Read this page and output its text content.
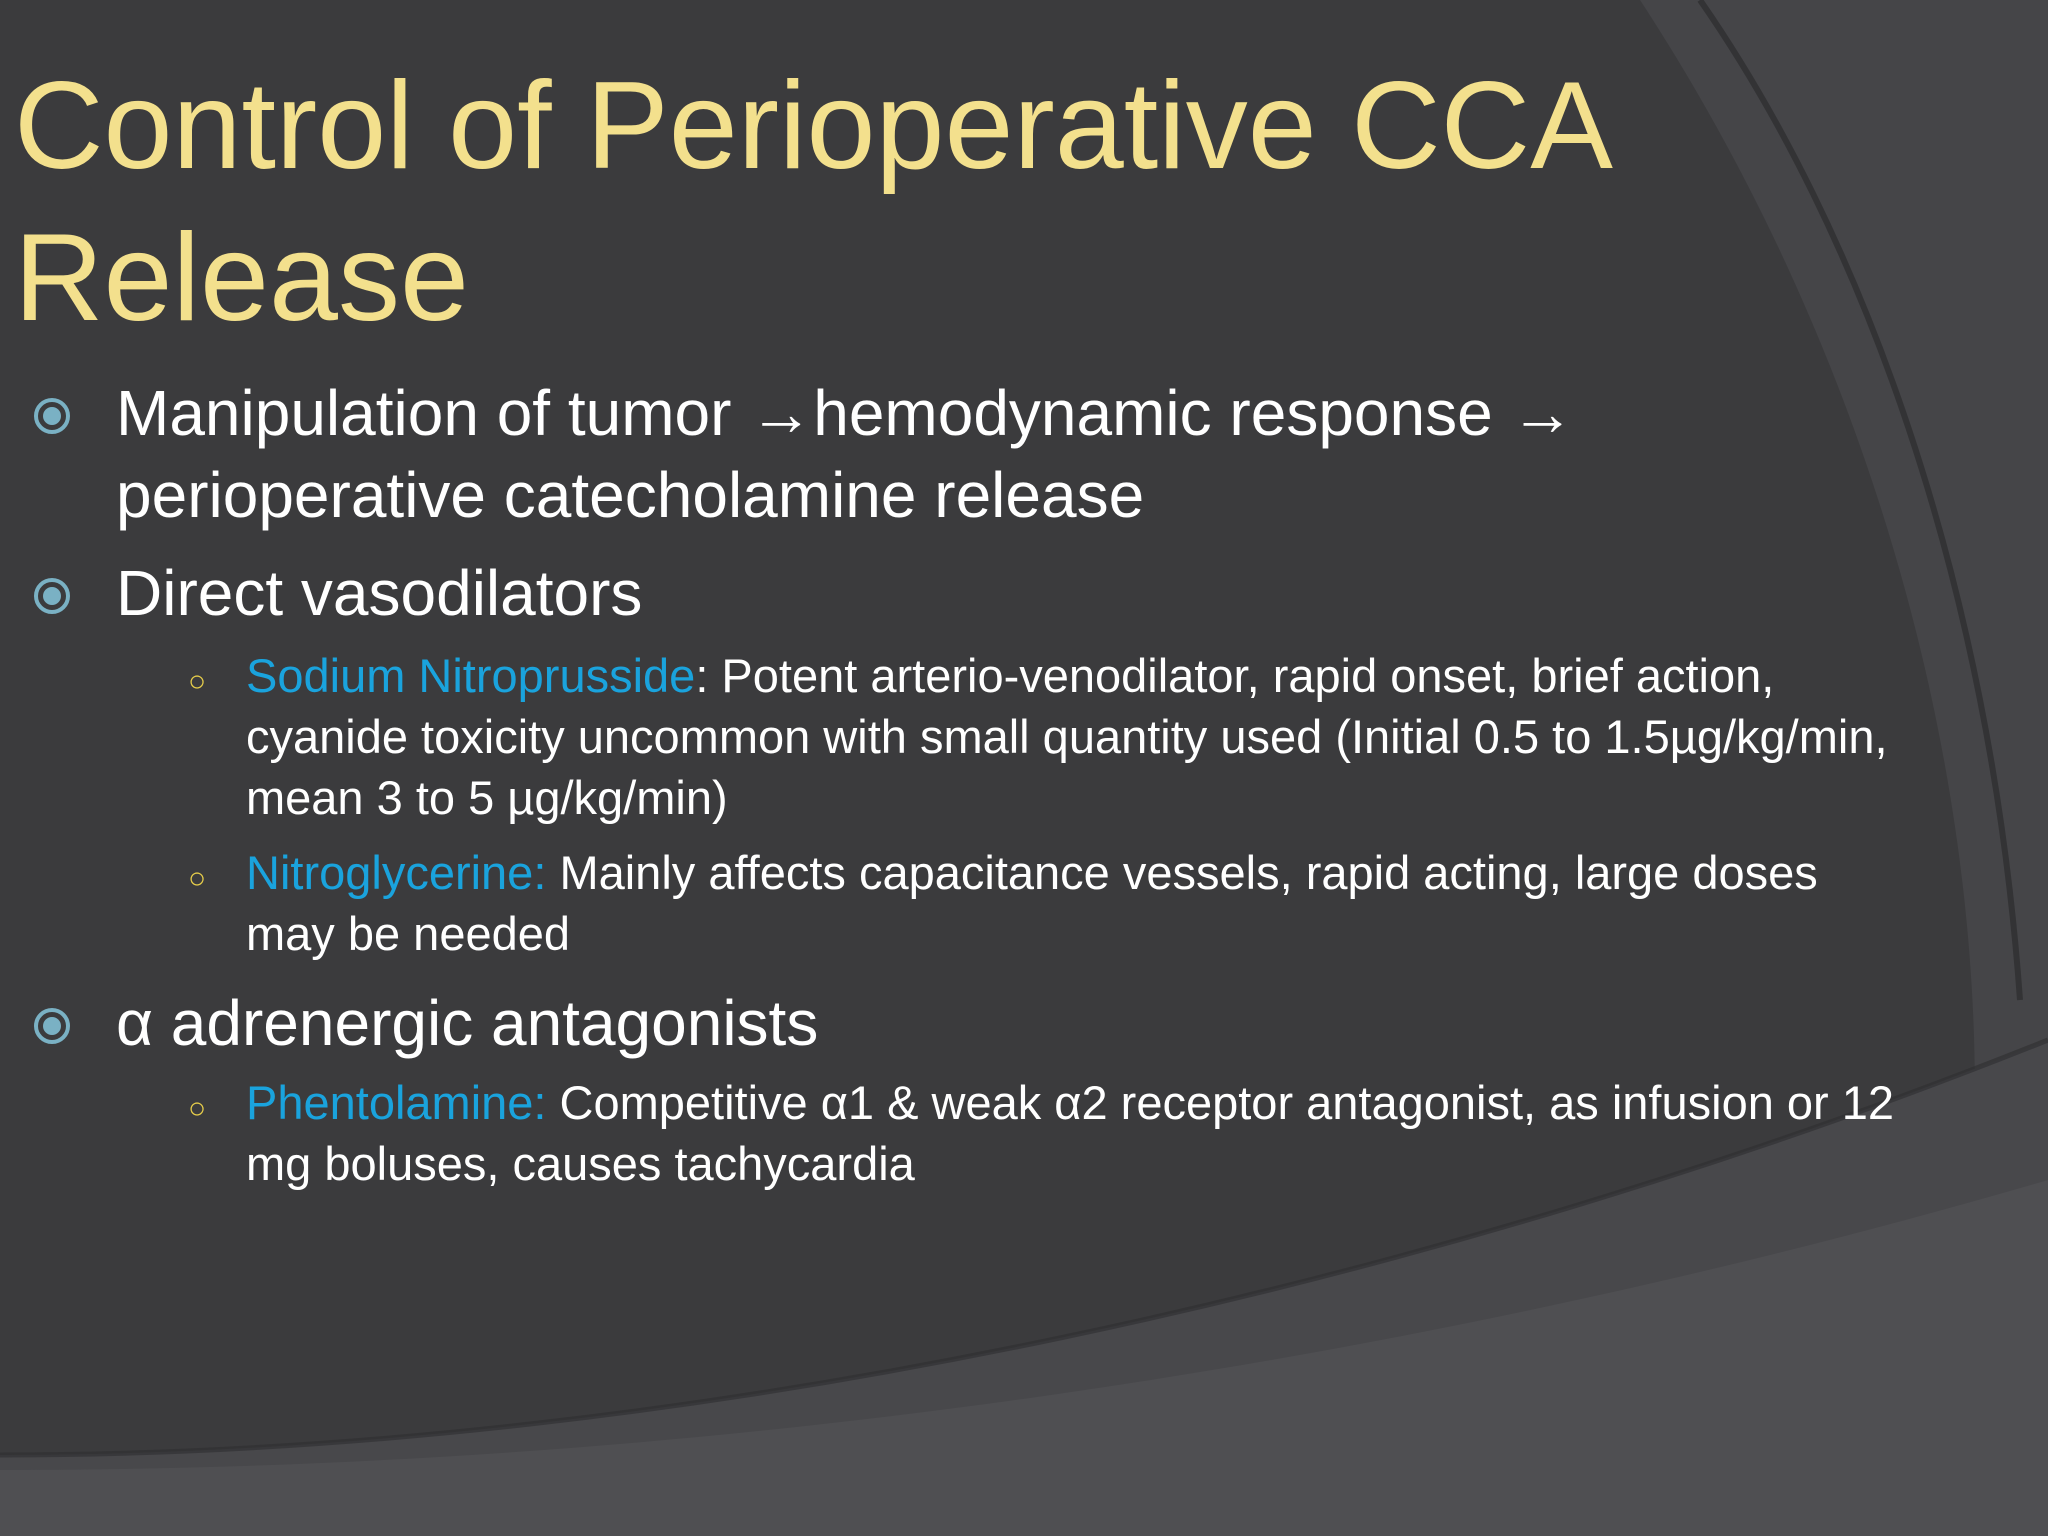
Control of Perioperative CCA Release
Manipulation of tumor →hemodynamic response → perioperative catecholamine release
Direct vasodilators
○ Sodium Nitroprusside: Potent arterio-venodilator, rapid onset, brief action, cyanide toxicity uncommon with small quantity used (Initial 0.5 to 1.5µg/kg/min, mean 3 to 5 µg/kg/min)
○ Nitroglycerine: Mainly affects capacitance vessels, rapid acting, large doses may be needed
α adrenergic antagonists
○ Phentolamine: Competitive α1 & weak α2 receptor antagonist, as infusion or 12 mg boluses, causes tachycardia
